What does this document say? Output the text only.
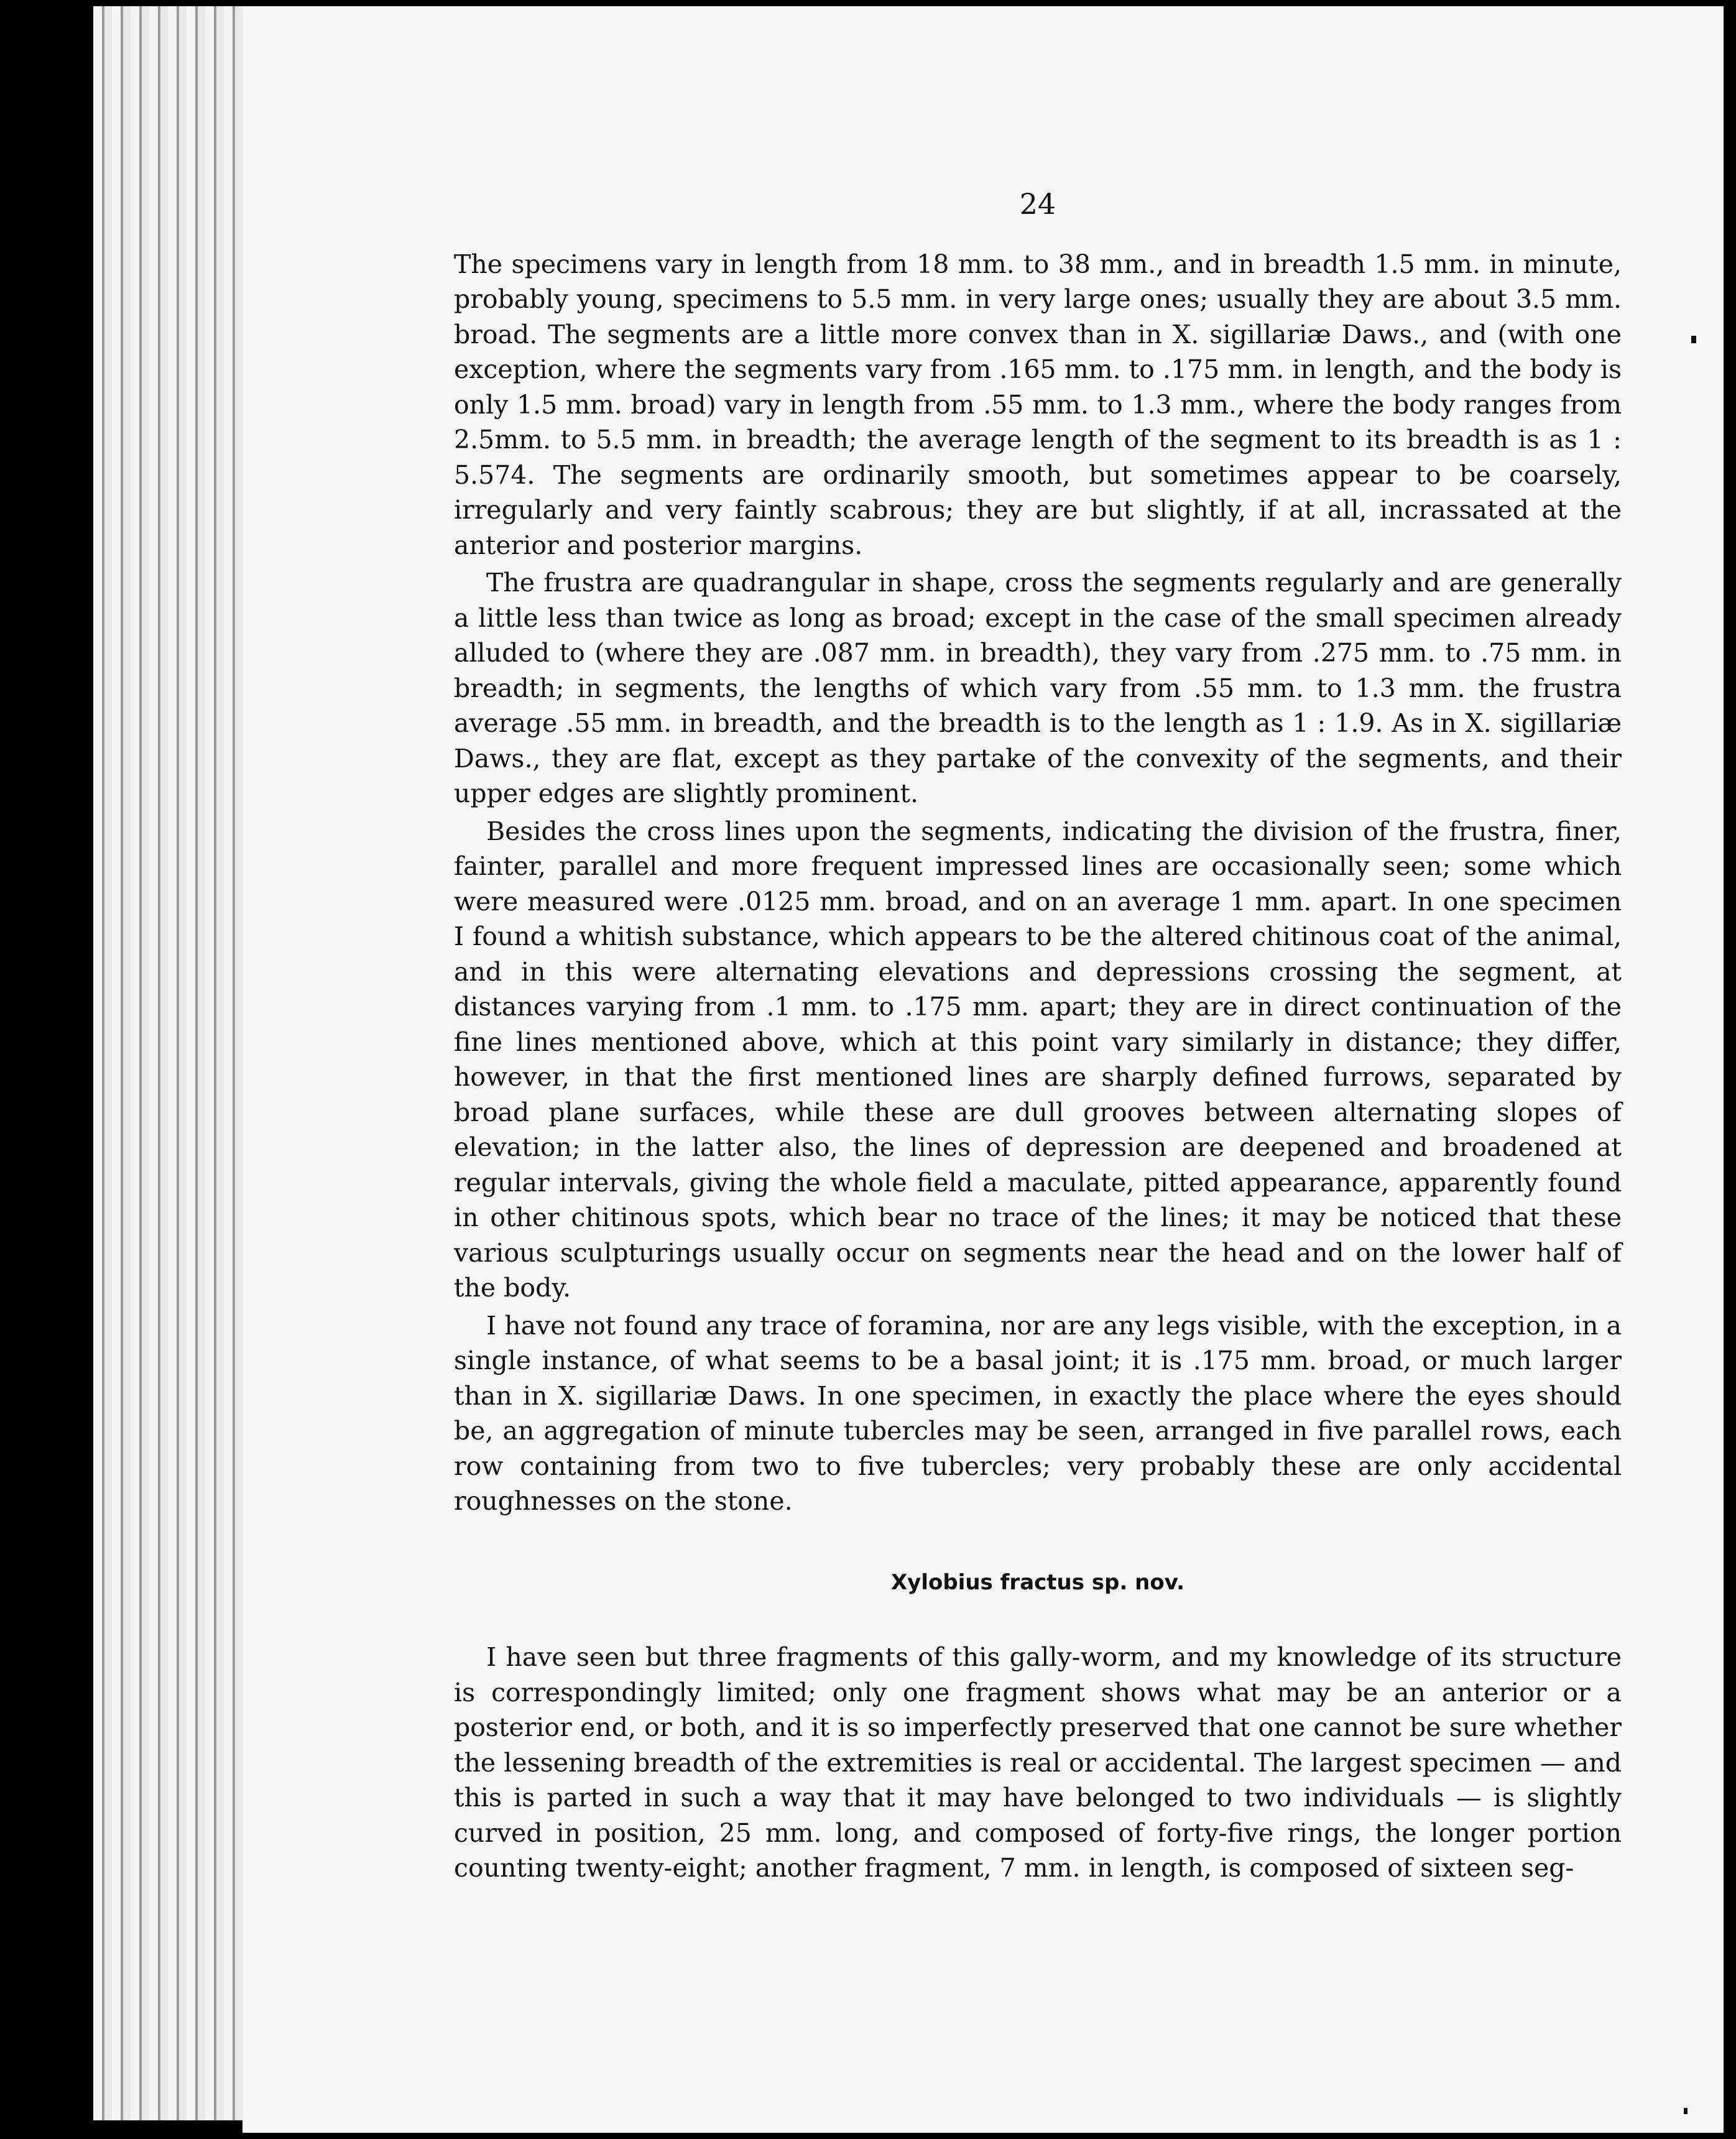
24

The specimens vary in length from 18 mm. to 38 mm., and in breadth 1.5 mm. in minute, probably young, specimens to 5.5 mm. in very large ones; usually they are about 3.5 mm. broad. The segments are a little more convex than in X. sigillariæ Daws., and (with one exception, where the segments vary from .165 mm. to .175 mm. in length, and the body is only 1.5 mm. broad) vary in length from .55 mm. to 1.3 mm., where the body ranges from 2.5mm. to 5.5 mm. in breadth; the average length of the segment to its breadth is as 1 : 5.574. The segments are ordinarily smooth, but sometimes appear to be coarsely, irregularly and very faintly scabrous; they are but slightly, if at all, incrassated at the anterior and posterior margins.

The frustra are quadrangular in shape, cross the segments regularly and are generally a little less than twice as long as broad; except in the case of the small specimen already alluded to (where they are .087 mm. in breadth), they vary from .275 mm. to .75 mm. in breadth; in segments, the lengths of which vary from .55 mm. to 1.3 mm. the frustra average .55 mm. in breadth, and the breadth is to the length as 1 : 1.9. As in X. sigillariæ Daws., they are flat, except as they partake of the convexity of the segments, and their upper edges are slightly prominent.

Besides the cross lines upon the segments, indicating the division of the frustra, finer, fainter, parallel and more frequent impressed lines are occasionally seen; some which were measured were .0125 mm. broad, and on an average 1 mm. apart. In one specimen I found a whitish substance, which appears to be the altered chitinous coat of the animal, and in this were alternating elevations and depressions crossing the segment, at distances varying from .1 mm. to .175 mm. apart; they are in direct continuation of the fine lines mentioned above, which at this point vary similarly in distance; they differ, however, in that the first mentioned lines are sharply defined furrows, separated by broad plane surfaces, while these are dull grooves between alternating slopes of elevation; in the latter also, the lines of depression are deepened and broadened at regular intervals, giving the whole field a maculate, pitted appearance, apparently found in other chitinous spots, which bear no trace of the lines; it may be noticed that these various sculpturings usually occur on segments near the head and on the lower half of the body.

I have not found any trace of foramina, nor are any legs visible, with the exception, in a single instance, of what seems to be a basal joint; it is .175 mm. broad, or much larger than in X. sigillariæ Daws. In one specimen, in exactly the place where the eyes should be, an aggregation of minute tubercles may be seen, arranged in five parallel rows, each row containing from two to five tubercles; very probably these are only accidental roughnesses on the stone.

Xylobius fractus sp. nov.

I have seen but three fragments of this gally-worm, and my knowledge of its structure is correspondingly limited; only one fragment shows what may be an anterior or a posterior end, or both, and it is so imperfectly preserved that one cannot be sure whether the lessening breadth of the extremities is real or accidental. The largest specimen — and this is parted in such a way that it may have belonged to two individuals — is slightly curved in position, 25 mm. long, and composed of forty-five rings, the longer portion counting twenty-eight; another fragment, 7 mm. in length, is composed of sixteen seg-
